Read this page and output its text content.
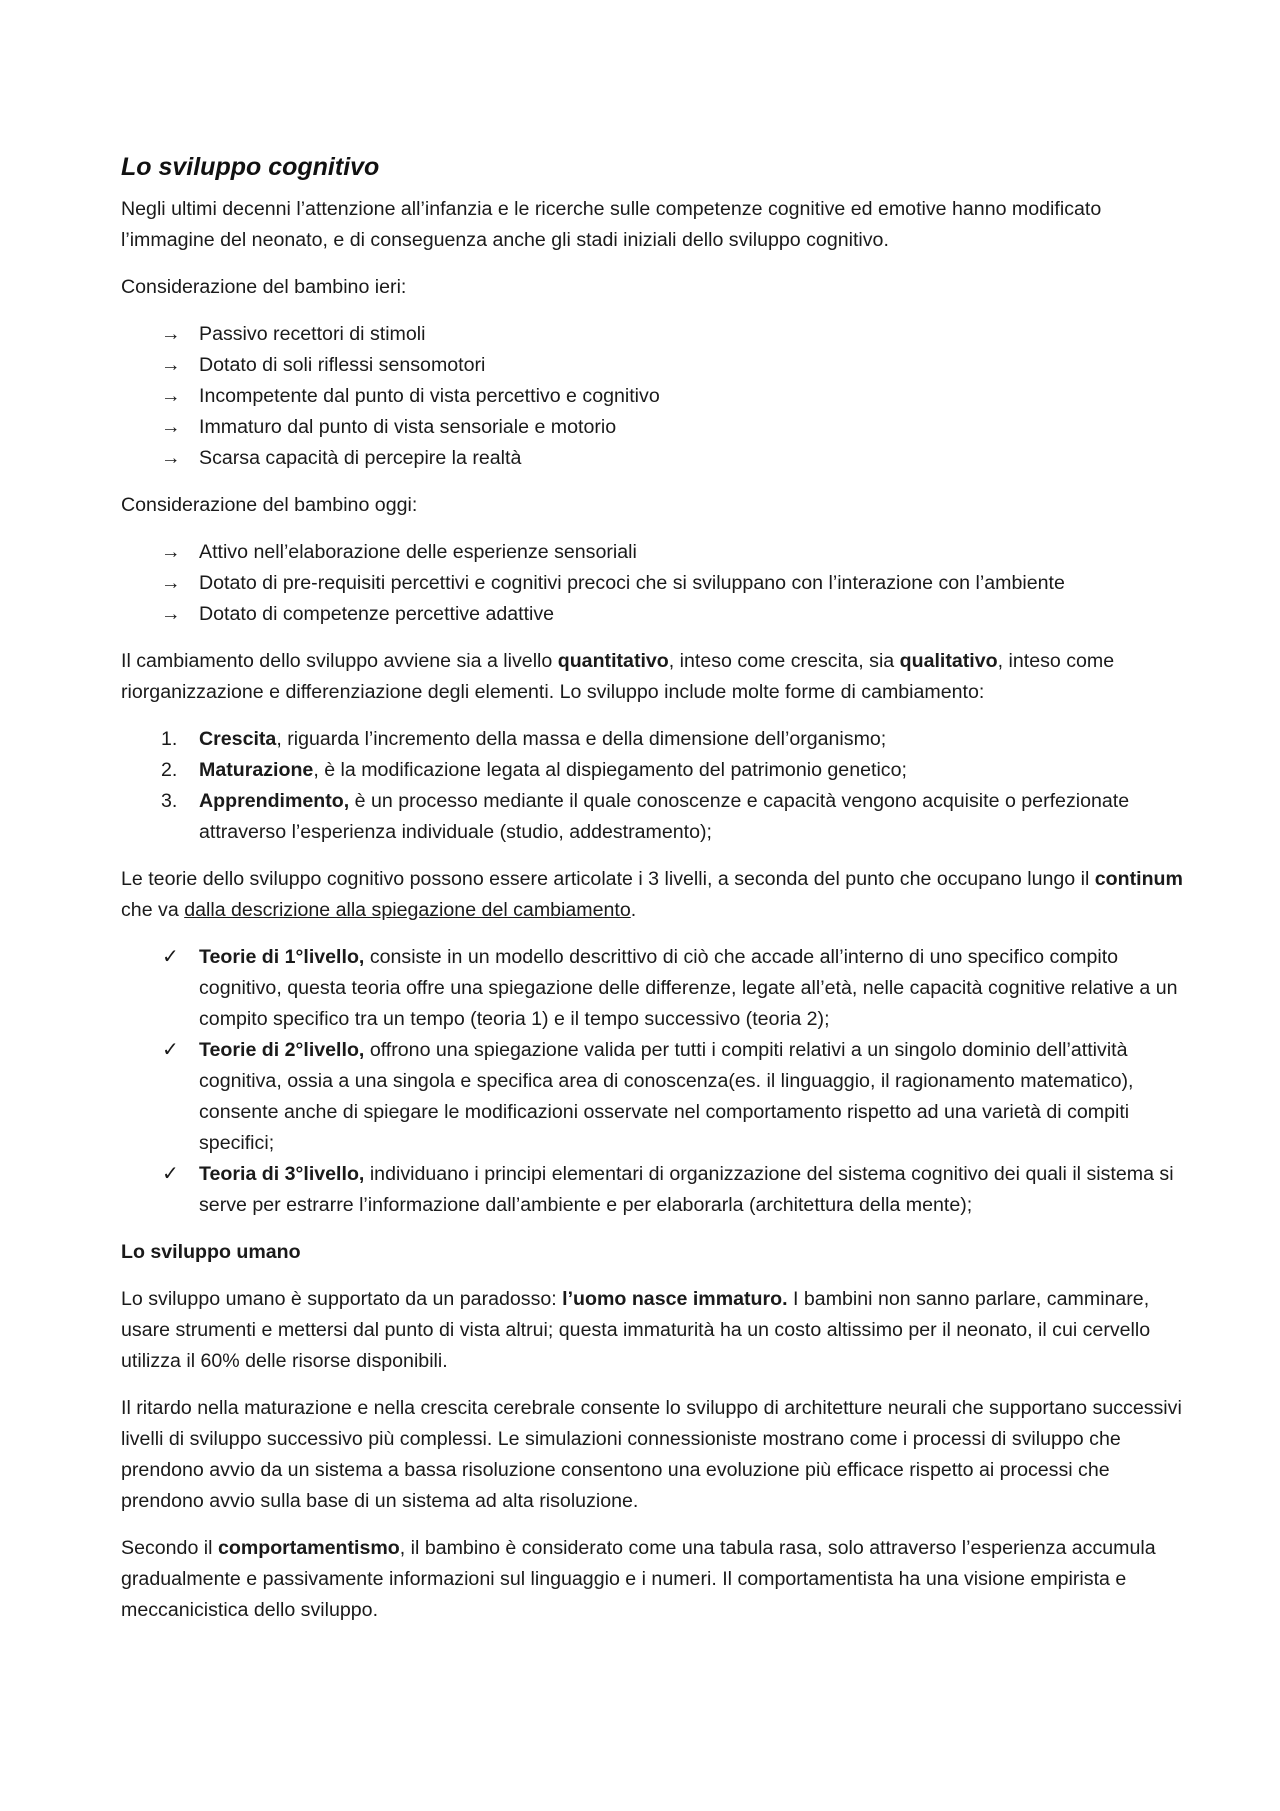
Lo sviluppo cognitivo

Negli ultimi decenni l’attenzione all’infanzia e le ricerche sulle competenze cognitive ed emotive hanno modificato l’immagine del neonato, e di conseguenza anche gli stadi iniziali dello sviluppo cognitivo.

Considerazione del bambino ieri:

→ Passivo recettori di stimoli
→ Dotato di soli riflessi sensomotori
→ Incompetente dal punto di vista percettivo e cognitivo
→ Immaturo dal punto di vista sensoriale e motorio
→ Scarsa capacità di percepire la realtà

Considerazione del bambino oggi:

→ Attivo nell’elaborazione delle esperienze sensoriali
→ Dotato di pre-requisiti percettivi e cognitivi precoci che si sviluppano con l’interazione con l’ambiente
→ Dotato di competenze percettive adattive

Il cambiamento dello sviluppo avviene sia a livello quantitativo, inteso come crescita, sia qualitativo, inteso come riorganizzazione e differenziazione degli elementi. Lo sviluppo include molte forme di cambiamento:

1.	Crescita, riguarda l’incremento della massa e della dimensione dell’organismo;
2.	Maturazione, è la modificazione legata al dispiegamento del patrimonio genetico;
3.	Apprendimento, è un processo mediante il quale conoscenze e capacità vengono acquisite o perfezionate attraverso l’esperienza individuale (studio, addestramento);

Le teorie dello sviluppo cognitivo possono essere articolate i 3 livelli, a seconda del punto che occupano lungo il continum che va dalla descrizione alla spiegazione del cambiamento.

✓	Teorie di 1°livello, consiste in un modello descrittivo di ciò che accade all’interno di uno specifico compito cognitivo, questa teoria offre una spiegazione delle differenze, legate all’età, nelle capacità cognitive relative a un compito specifico tra un tempo (teoria 1) e il tempo successivo (teoria 2);
✓	Teorie di 2°livello, offrono una spiegazione valida per tutti i compiti relativi a un singolo dominio dell’attività cognitiva, ossia a una singola e specifica area di conoscenza(es. il linguaggio, il ragionamento matematico), consente anche di spiegare le modificazioni osservate nel comportamento rispetto ad una varietà di compiti specifici;
✓	Teoria di 3°livello, individuano i principi elementari di organizzazione del sistema cognitivo dei quali il sistema si serve per estrarre l’informazione dall’ambiente e per elaborarla (architettura della mente);
Lo sviluppo umano

Lo sviluppo umano è supportato da un paradosso: l’uomo nasce immaturo. I bambini non sanno parlare, camminare, usare strumenti e mettersi dal punto di vista altrui; questa immaturità ha un costo altissimo per il neonato, il cui cervello utilizza il 60% delle risorse disponibili.

Il ritardo nella maturazione e nella crescita cerebrale consente lo sviluppo di architetture neurali che supportano successivi livelli di sviluppo successivo più complessi. Le simulazioni connessioniste mostrano come i processi di sviluppo che prendono avvio da un sistema a bassa risoluzione consentono una evoluzione più efficace rispetto ai processi che prendono avvio sulla base di un sistema ad alta risoluzione.

Secondo il comportamentismo, il bambino è considerato come una tabula rasa, solo attraverso l’esperienza accumula gradualmente e passivamente informazioni sul linguaggio e i numeri. Il comportamentista ha una visione empirista e meccanicistica dello sviluppo.
